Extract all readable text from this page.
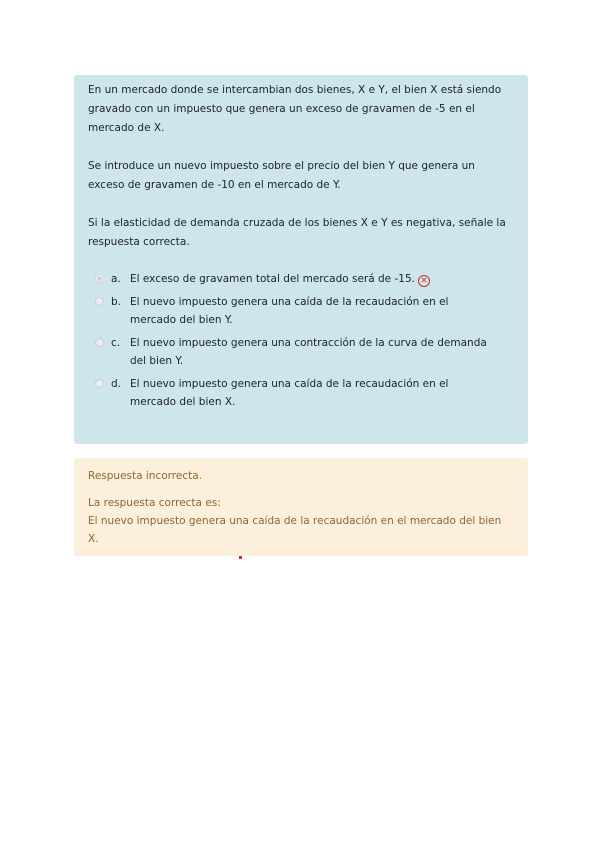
En un mercado donde se intercambian dos bienes, X e Y, el bien X está siendo gravado con un impuesto que genera un exceso de gravamen de -5 en el mercado de X.

Se introduce un nuevo impuesto sobre el precio del bien Y que genera un exceso de gravamen de -10 en el mercado de Y.

Si la elasticidad de demanda cruzada de los bienes X e Y es negativa, señale la respuesta correcta.

a. El exceso de gravamen total del mercado será de -15. ✕
b. El nuevo impuesto genera una caída de la recaudación en el mercado del bien Y.
c. El nuevo impuesto genera una contracción de la curva de demanda del bien Y.
d. El nuevo impuesto genera una caída de la recaudación en el mercado del bien X.

Respuesta incorrecta.

La respuesta correcta es:

El nuevo impuesto genera una caída de la recaudación en el mercado del bien X.
